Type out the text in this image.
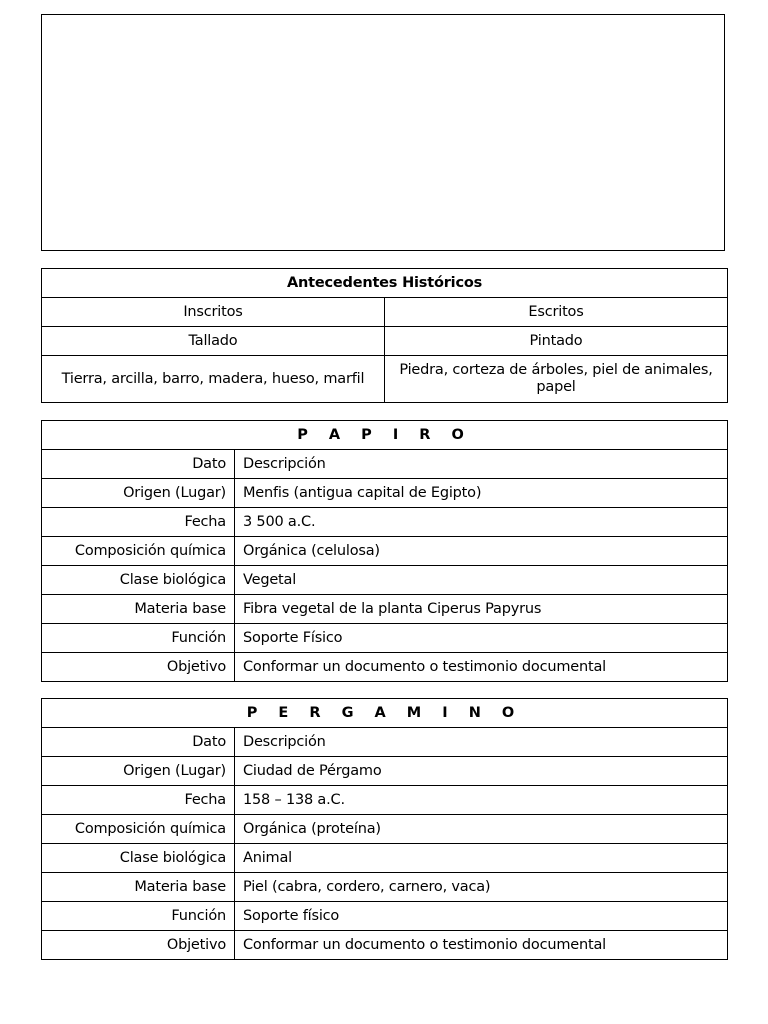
Antecedentes Históricos	
Inscritos	Escritos
Tallado	Pintado
Tierra, arcilla, barro, madera, hueso, marfil	Piedra, corteza de árboles, piel de animales, papel
P A P I R O	
Dato	Descripción
Origen (Lugar)	Menfis (antigua capital de Egipto)
Fecha	3 500 a.C.
Composición química	Orgánica (celulosa)
Clase biológica	Vegetal
Materia base	Fibra vegetal de la planta Ciperus Papyrus
Función	Soporte Físico
Objetivo	Conformar un documento o testimonio documental
P E R G A M I N O	
Dato	Descripción
Origen (Lugar)	Ciudad de Pérgamo
Fecha	158 – 138 a.C.
Composición química	Orgánica (proteína)
Clase biológica	Animal
Materia base	Piel (cabra, cordero, carnero, vaca)
Función	Soporte físico
Objetivo	Conformar un documento o testimonio documental
